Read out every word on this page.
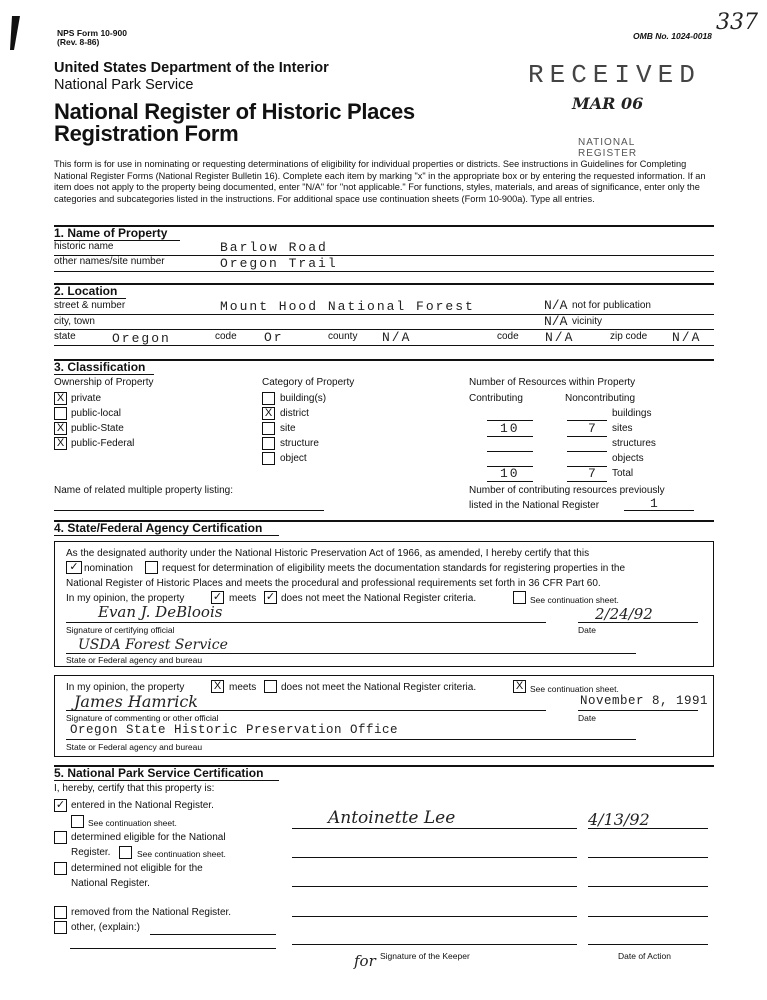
NPS Form 10-900
(Rev. 8-86)
OMB No. 1024-0018
337
United States Department of the Interior
National Park Service
National Register of Historic Places
Registration Form
RECEIVED
MAR 06
NATIONAL
REGISTER
This form is for use in nominating or requesting determinations of eligibility for individual properties or districts. See instructions in Guidelines for Completing National Register Forms (National Register Bulletin 16). Complete each item by marking "x" in the appropriate box or by entering the requested information. If an item does not apply to the property being documented, enter "N/A" for "not applicable." For functions, styles, materials, and areas of significance, enter only the categories and subcategories listed in the instructions. For additional space use continuation sheets (Form 10-900a). Type all entries.
1. Name of Property
historic name	Barlow Road
other names/site number	Oregon Trail
2. Location
street & number	Mount Hood National Forest	N/A not for publication
city, town	N/A vicinity
state	Oregon	code Or	county N/A	code N/A	zip code N/A
3. Classification
Ownership of Property	Category of Property	Number of Resources within Property
X private
public-local
X public-State
X public-Federal
building(s)
X district
site
structure
object
Contributing	Noncontributing
buildings
10	7 sites
structures
objects
10	7 Total
Name of related multiple property listing:	Number of contributing resources previously
listed in the National Register	1
4. State/Federal Agency Certification
As the designated authority under the National Historic Preservation Act of 1966, as amended, I hereby certify that this
✓ nomination	request for determination of eligibility meets the documentation standards for registering properties in the
National Register of Historic Places and meets the procedural and professional requirements set forth in 36 CFR Part 60.
In my opinion, the property	✓ meets ✓ does not meet the National Register criteria.	See continuation sheet.
Evan J. DeBloois	2/24/92
Signature of certifying official	Date
USDA Forest Service
State or Federal agency and bureau
In my opinion, the property	X meets does not meet the National Register criteria.	X See continuation sheet.
James Hamrick	November 8, 1991
Signature of commenting or other official	Date
Oregon State Historic Preservation Office
State or Federal agency and bureau
5. National Park Service Certification
I, hereby, certify that this property is:
✓ entered in the National Register.
See continuation sheet.
determined eligible for the National
Register.	See continuation sheet.
determined not eligible for the
National Register.
removed from the National Register.
other, (explain:)
Antoinette Lee	4/13/92
for Signature of the Keeper	Date of Action
